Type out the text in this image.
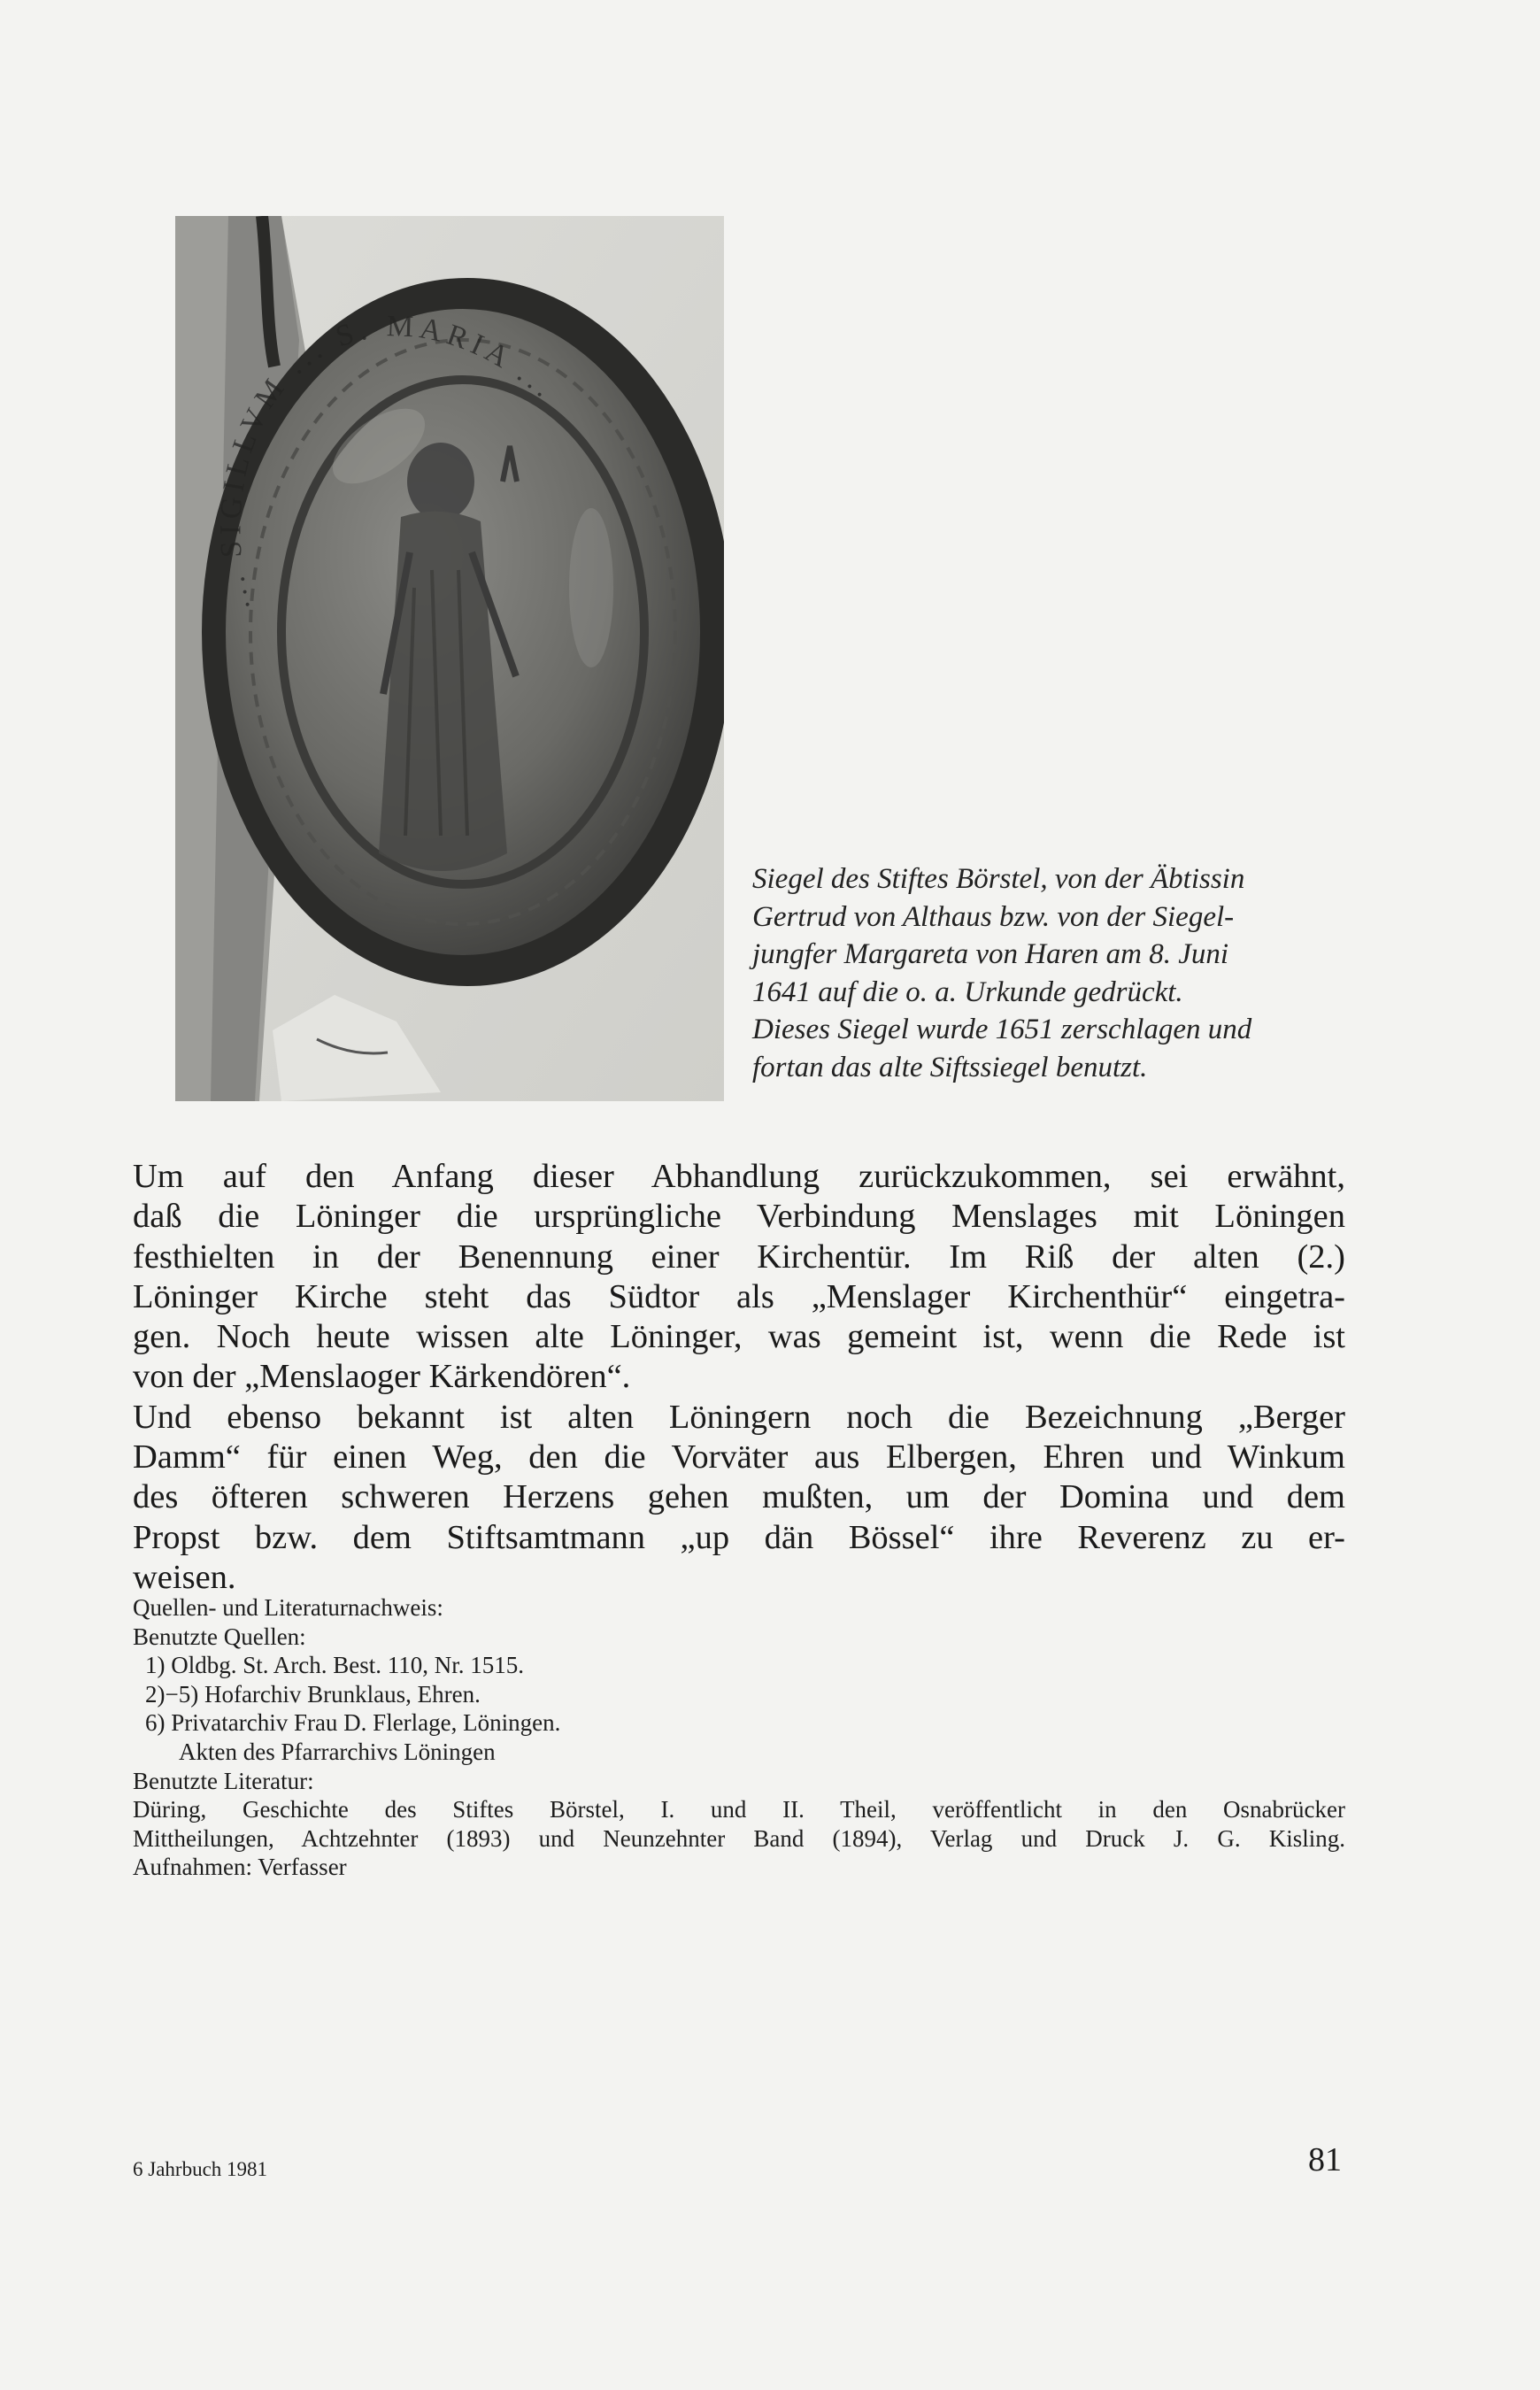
... SIGILLVM ... S. MARIA ...
Siegel des Stiftes Börstel, von der Äbtissin
Gertrud von Althaus bzw. von der Siegel-
jungfer Margareta von Haren am 8. Juni
1641 auf die o. a. Urkunde gedrückt.
Dieses Siegel wurde 1651 zerschlagen und
fortan das alte Siftssiegel benutzt.
Um auf den Anfang dieser Abhandlung zurückzukommen, sei erwähnt,
daß die Löninger die ursprüngliche Verbindung Menslages mit Löningen
festhielten in der Benennung einer Kirchentür. Im Riß der alten (2.)
Löninger Kirche steht das Südtor als „Menslager Kirchenthür“ eingetra-
gen. Noch heute wissen alte Löninger, was gemeint ist, wenn die Rede ist
von der „Menslaoger Kärkendören“.
Und ebenso bekannt ist alten Löningern noch die Bezeichnung „Berger
Damm“ für einen Weg, den die Vorväter aus Elbergen, Ehren und Winkum
des öfteren schweren Herzens gehen mußten, um der Domina und dem
Propst bzw. dem Stiftsamtmann „up dän Bössel“ ihre Reverenz zu er-
weisen.
Quellen- und Literaturnachweis:
Benutzte Quellen:
1) Oldbg. St. Arch. Best. 110, Nr. 1515.
2)−5) Hofarchiv Brunklaus, Ehren.
6) Privatarchiv Frau D. Flerlage, Löningen.
Akten des Pfarrarchivs Löningen
Benutzte Literatur:
Düring, Geschichte des Stiftes Börstel, I. und II. Theil, veröffentlicht in den Osnabrücker
Mittheilungen, Achtzehnter (1893) und Neunzehnter Band (1894), Verlag und Druck J. G. Kisling.
Aufnahmen: Verfasser
6 Jahrbuch 1981	81
